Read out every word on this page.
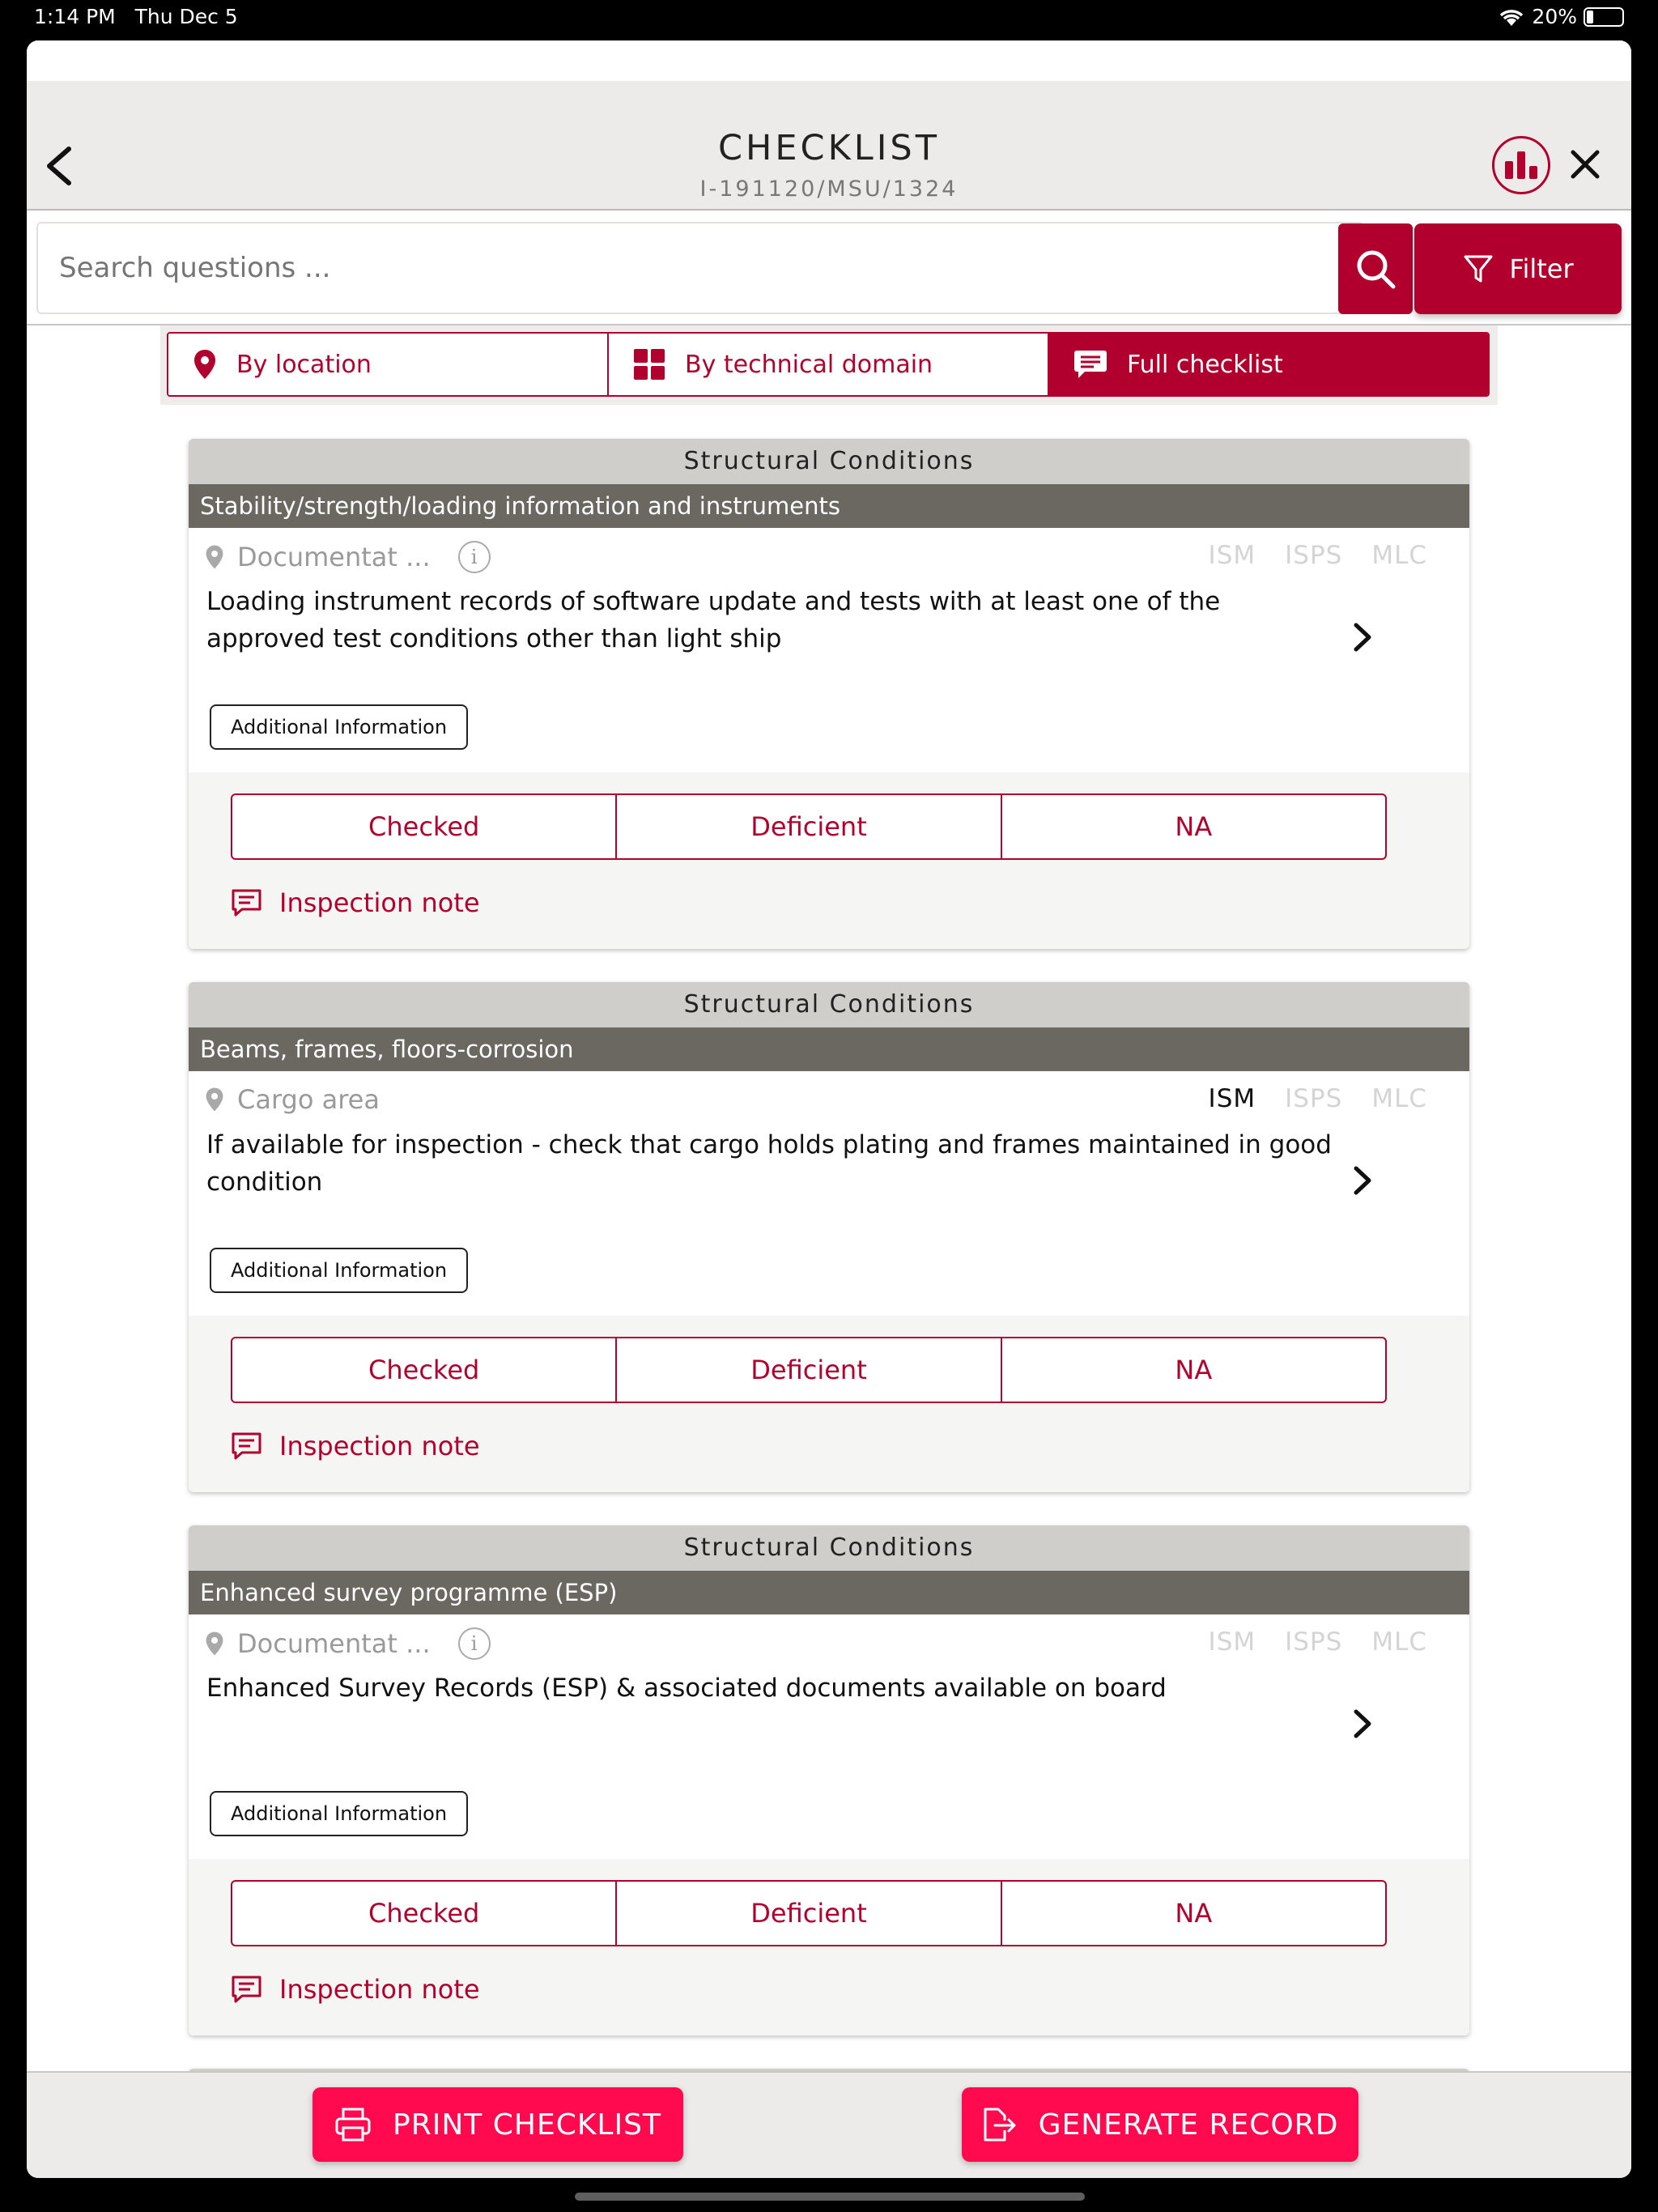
1:14 PM Thu Dec 5	20%
CHECKLIST
I-191120/MSU/1324
Search questions ...
Filter
By location	By technical domain	Full checklist
Structural Conditions
Stability/strength/loading information and instruments
Documentat ...	i	ISM ISPS MLC
Loading instrument records of software update and tests with at least one of the approved test conditions other than light ship
Additional Information
Checked	Deficient	NA
Inspection note
Structural Conditions
Beams, frames, floors-corrosion
Cargo area	ISM ISPS MLC
If available for inspection - check that cargo holds plating and frames maintained in good condition
Additional Information
Checked	Deficient	NA
Inspection note
Structural Conditions
Enhanced survey programme (ESP)
Documentat ...	i	ISM ISPS MLC
Enhanced Survey Records (ESP) & associated documents available on board
Additional Information
Checked	Deficient	NA
Inspection note
PRINT CHECKLIST	GENERATE RECORD
